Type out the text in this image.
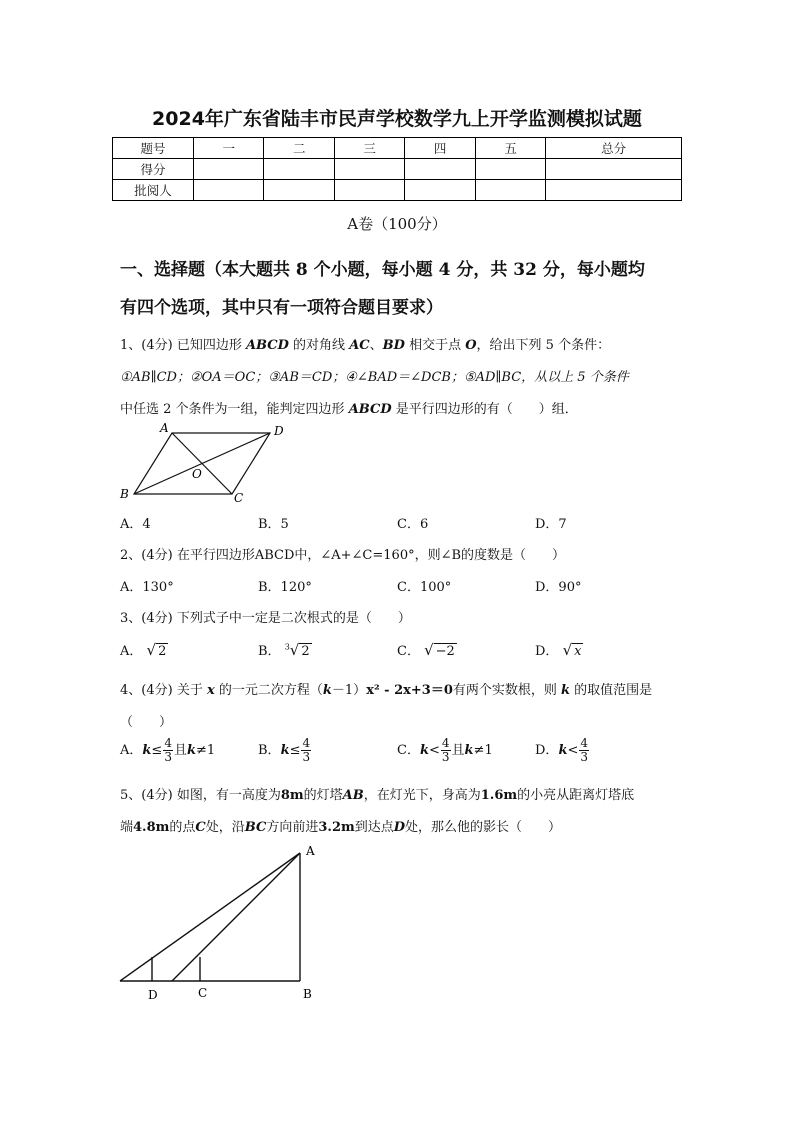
2024年广东省陆丰市民声学校数学九上开学监测模拟试题
题号	一	二	三	四	五	总分
得分						
批阅人						
A卷（100分）
一、选择题（本大题共 8 个小题，每小题 4 分，共 32 分，每小题均
有四个选项，其中只有一项符合题目要求）
1、(4分) 已知四边形 ABCD 的对角线 AC、BD 相交于点 O，给出下列 5 个条件：
①AB∥CD；②OA＝OC；③AB＝CD；④∠BAD＝∠DCB；⑤AD∥BC，从以上 5 个条件
中任选 2 个条件为一组，能判定四边形 ABCD 是平行四边形的有（　　）组．
A	D
B	C
O
A．4	B．5	C．6	D．7
2、(4分) 在平行四边形ABCD中，∠A+∠C=160°，则∠B的度数是（　　）
A．130°	B．120°	C．100°	D．90°
3、(4分) 下列式子中一定是二次根式的是（　　）
A． √ 2	B． $^3$√ 2	C． √ −2	D． √ x
4、(4分) 关于 x 的一元二次方程（k－1）x² - 2x+3＝0有两个实数根，则 k 的取值范围是
（　　）
A．$k\le \frac{4}{3}$ 且k≠1	B．$k\le \frac{4}{3}$	C．$k< \frac{4}{3}$ 且k≠1	D．$k< \frac{4}{3}$
5、(4分) 如图，有一高度为8m的灯塔AB，在灯光下，身高为1.6m的小亮从距离灯塔底
端4.8m的点C处，沿BC方向前进3.2m到达点D处，那么他的影长（　　）
A
B
C
D
